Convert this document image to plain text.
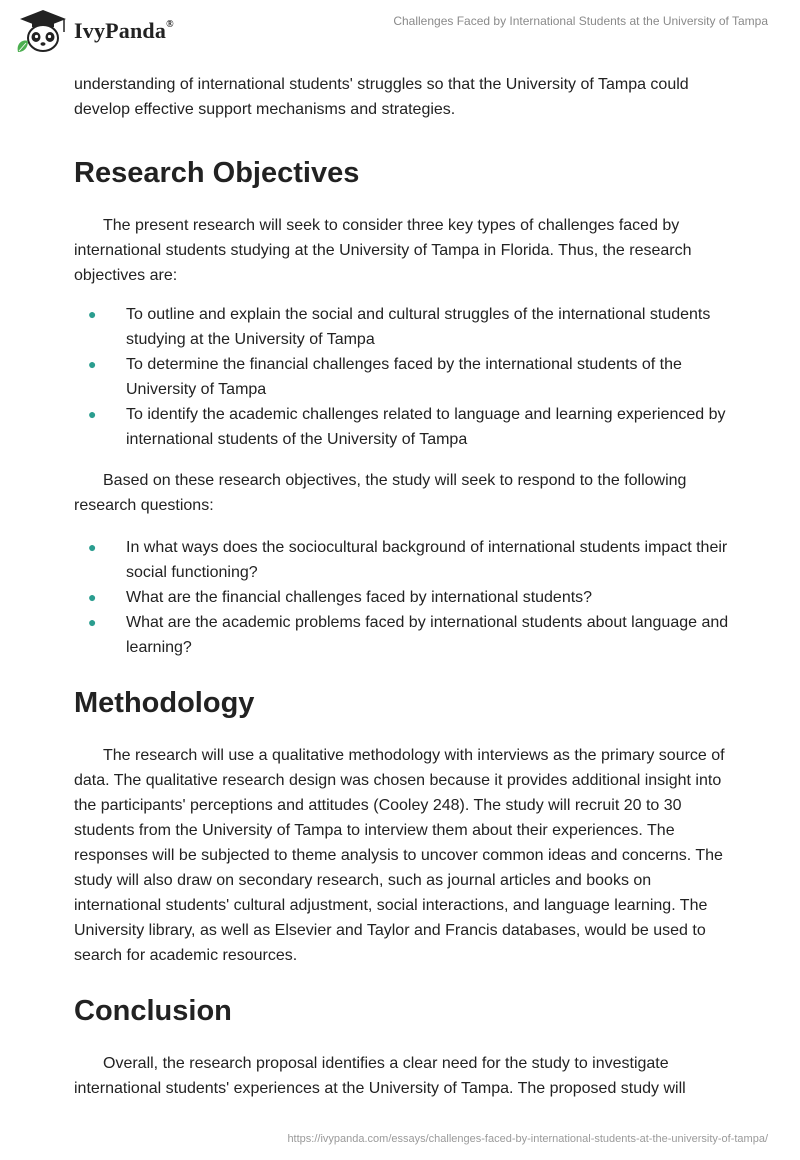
IvyPanda®	Challenges Faced by International Students at the University of Tampa

understanding of international students' struggles so that the University of Tampa could develop effective support mechanisms and strategies.

Research Objectives

The present research will seek to consider three key types of challenges faced by international students studying at the University of Tampa in Florida. Thus, the research objectives are:

● To outline and explain the social and cultural struggles of the international students studying at the University of Tampa
● To determine the financial challenges faced by the international students of the University of Tampa
● To identify the academic challenges related to language and learning experienced by international students of the University of Tampa

Based on these research objectives, the study will seek to respond to the following research questions:

● In what ways does the sociocultural background of international students impact their social functioning?
● What are the financial challenges faced by international students?
● What are the academic problems faced by international students about language and learning?
Methodology

The research will use a qualitative methodology with interviews as the primary source of data. The qualitative research design was chosen because it provides additional insight into the participants' perceptions and attitudes (Cooley 248). The study will recruit 20 to 30 students from the University of Tampa to interview them about their experiences. The responses will be subjected to theme analysis to uncover common ideas and concerns. The study will also draw on secondary research, such as journal articles and books on international students' cultural adjustment, social interactions, and language learning. The University library, as well as Elsevier and Taylor and Francis databases, would be used to search for academic resources.

Conclusion

Overall, the research proposal identifies a clear need for the study to investigate international students' experiences at the University of Tampa. The proposed study will

https://ivypanda.com/essays/challenges-faced-by-international-students-at-the-university-of-tampa/
